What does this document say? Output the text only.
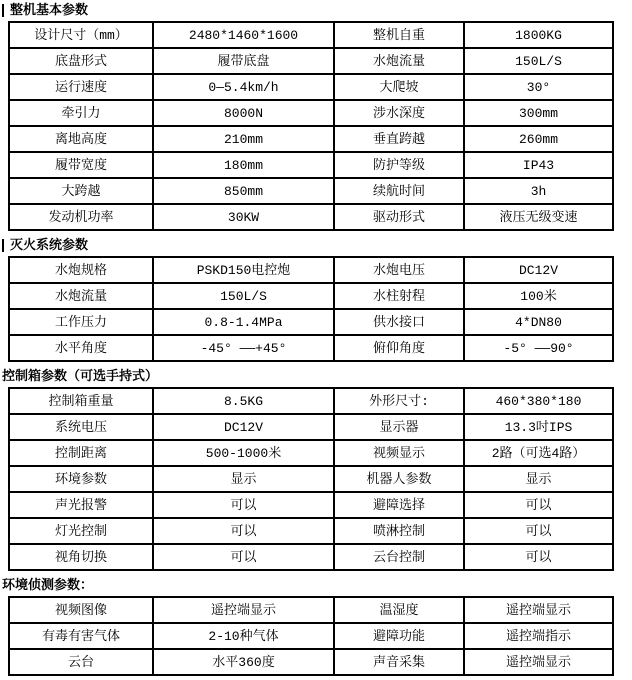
整机基本参数
设计尺寸（mm）	2480*1460*1600	整机自重	1800KG
底盘形式	履带底盘	水炮流量	150L/S
运行速度	0—5.4km/h	大爬坡	30°
牵引力	8000N	涉水深度	300mm
离地高度	210mm	垂直跨越	260mm
履带宽度	180mm	防护等级	IP43
大跨越	850mm	续航时间	3h
发动机功率	30KW	驱动形式	液压无级变速
灭火系统参数
水炮规格	PSKD150电控炮	水炮电压	DC12V
水炮流量	150L/S	水柱射程	100米
工作压力	0.8-1.4MPa	供水接口	4*DN80
水平角度	-45° ——+45°	俯仰角度	-5° ——90°
控制箱参数（可选手持式）
控制箱重量	8.5KG	外形尺寸:	460*380*180
系统电压	DC12V	显示器	13.3吋IPS
控制距离	500-1000米	视频显示	2路（可选4路）
环境参数	显示	机器人参数	显示
声光报警	可以	避障选择	可以
灯光控制	可以	喷淋控制	可以
视角切换	可以	云台控制	可以
环境侦测参数：
视频图像	遥控端显示	温湿度	遥控端显示
有毒有害气体	2-10种气体	避障功能	遥控端指示
云台	水平360度	声音采集	遥控端显示
